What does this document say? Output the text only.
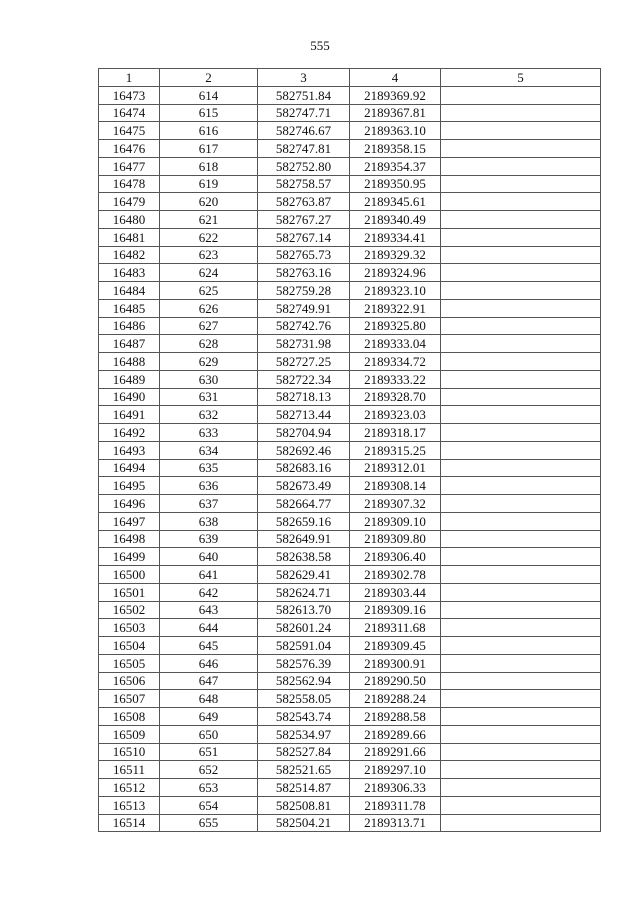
555
1	2	3	4	5
16473	614	582751.84	2189369.92	
16474	615	582747.71	2189367.81	
16475	616	582746.67	2189363.10	
16476	617	582747.81	2189358.15	
16477	618	582752.80	2189354.37	
16478	619	582758.57	2189350.95	
16479	620	582763.87	2189345.61	
16480	621	582767.27	2189340.49	
16481	622	582767.14	2189334.41	
16482	623	582765.73	2189329.32	
16483	624	582763.16	2189324.96	
16484	625	582759.28	2189323.10	
16485	626	582749.91	2189322.91	
16486	627	582742.76	2189325.80	
16487	628	582731.98	2189333.04	
16488	629	582727.25	2189334.72	
16489	630	582722.34	2189333.22	
16490	631	582718.13	2189328.70	
16491	632	582713.44	2189323.03	
16492	633	582704.94	2189318.17	
16493	634	582692.46	2189315.25	
16494	635	582683.16	2189312.01	
16495	636	582673.49	2189308.14	
16496	637	582664.77	2189307.32	
16497	638	582659.16	2189309.10	
16498	639	582649.91	2189309.80	
16499	640	582638.58	2189306.40	
16500	641	582629.41	2189302.78	
16501	642	582624.71	2189303.44	
16502	643	582613.70	2189309.16	
16503	644	582601.24	2189311.68	
16504	645	582591.04	2189309.45	
16505	646	582576.39	2189300.91	
16506	647	582562.94	2189290.50	
16507	648	582558.05	2189288.24	
16508	649	582543.74	2189288.58	
16509	650	582534.97	2189289.66	
16510	651	582527.84	2189291.66	
16511	652	582521.65	2189297.10	
16512	653	582514.87	2189306.33	
16513	654	582508.81	2189311.78	
16514	655	582504.21	2189313.71	
